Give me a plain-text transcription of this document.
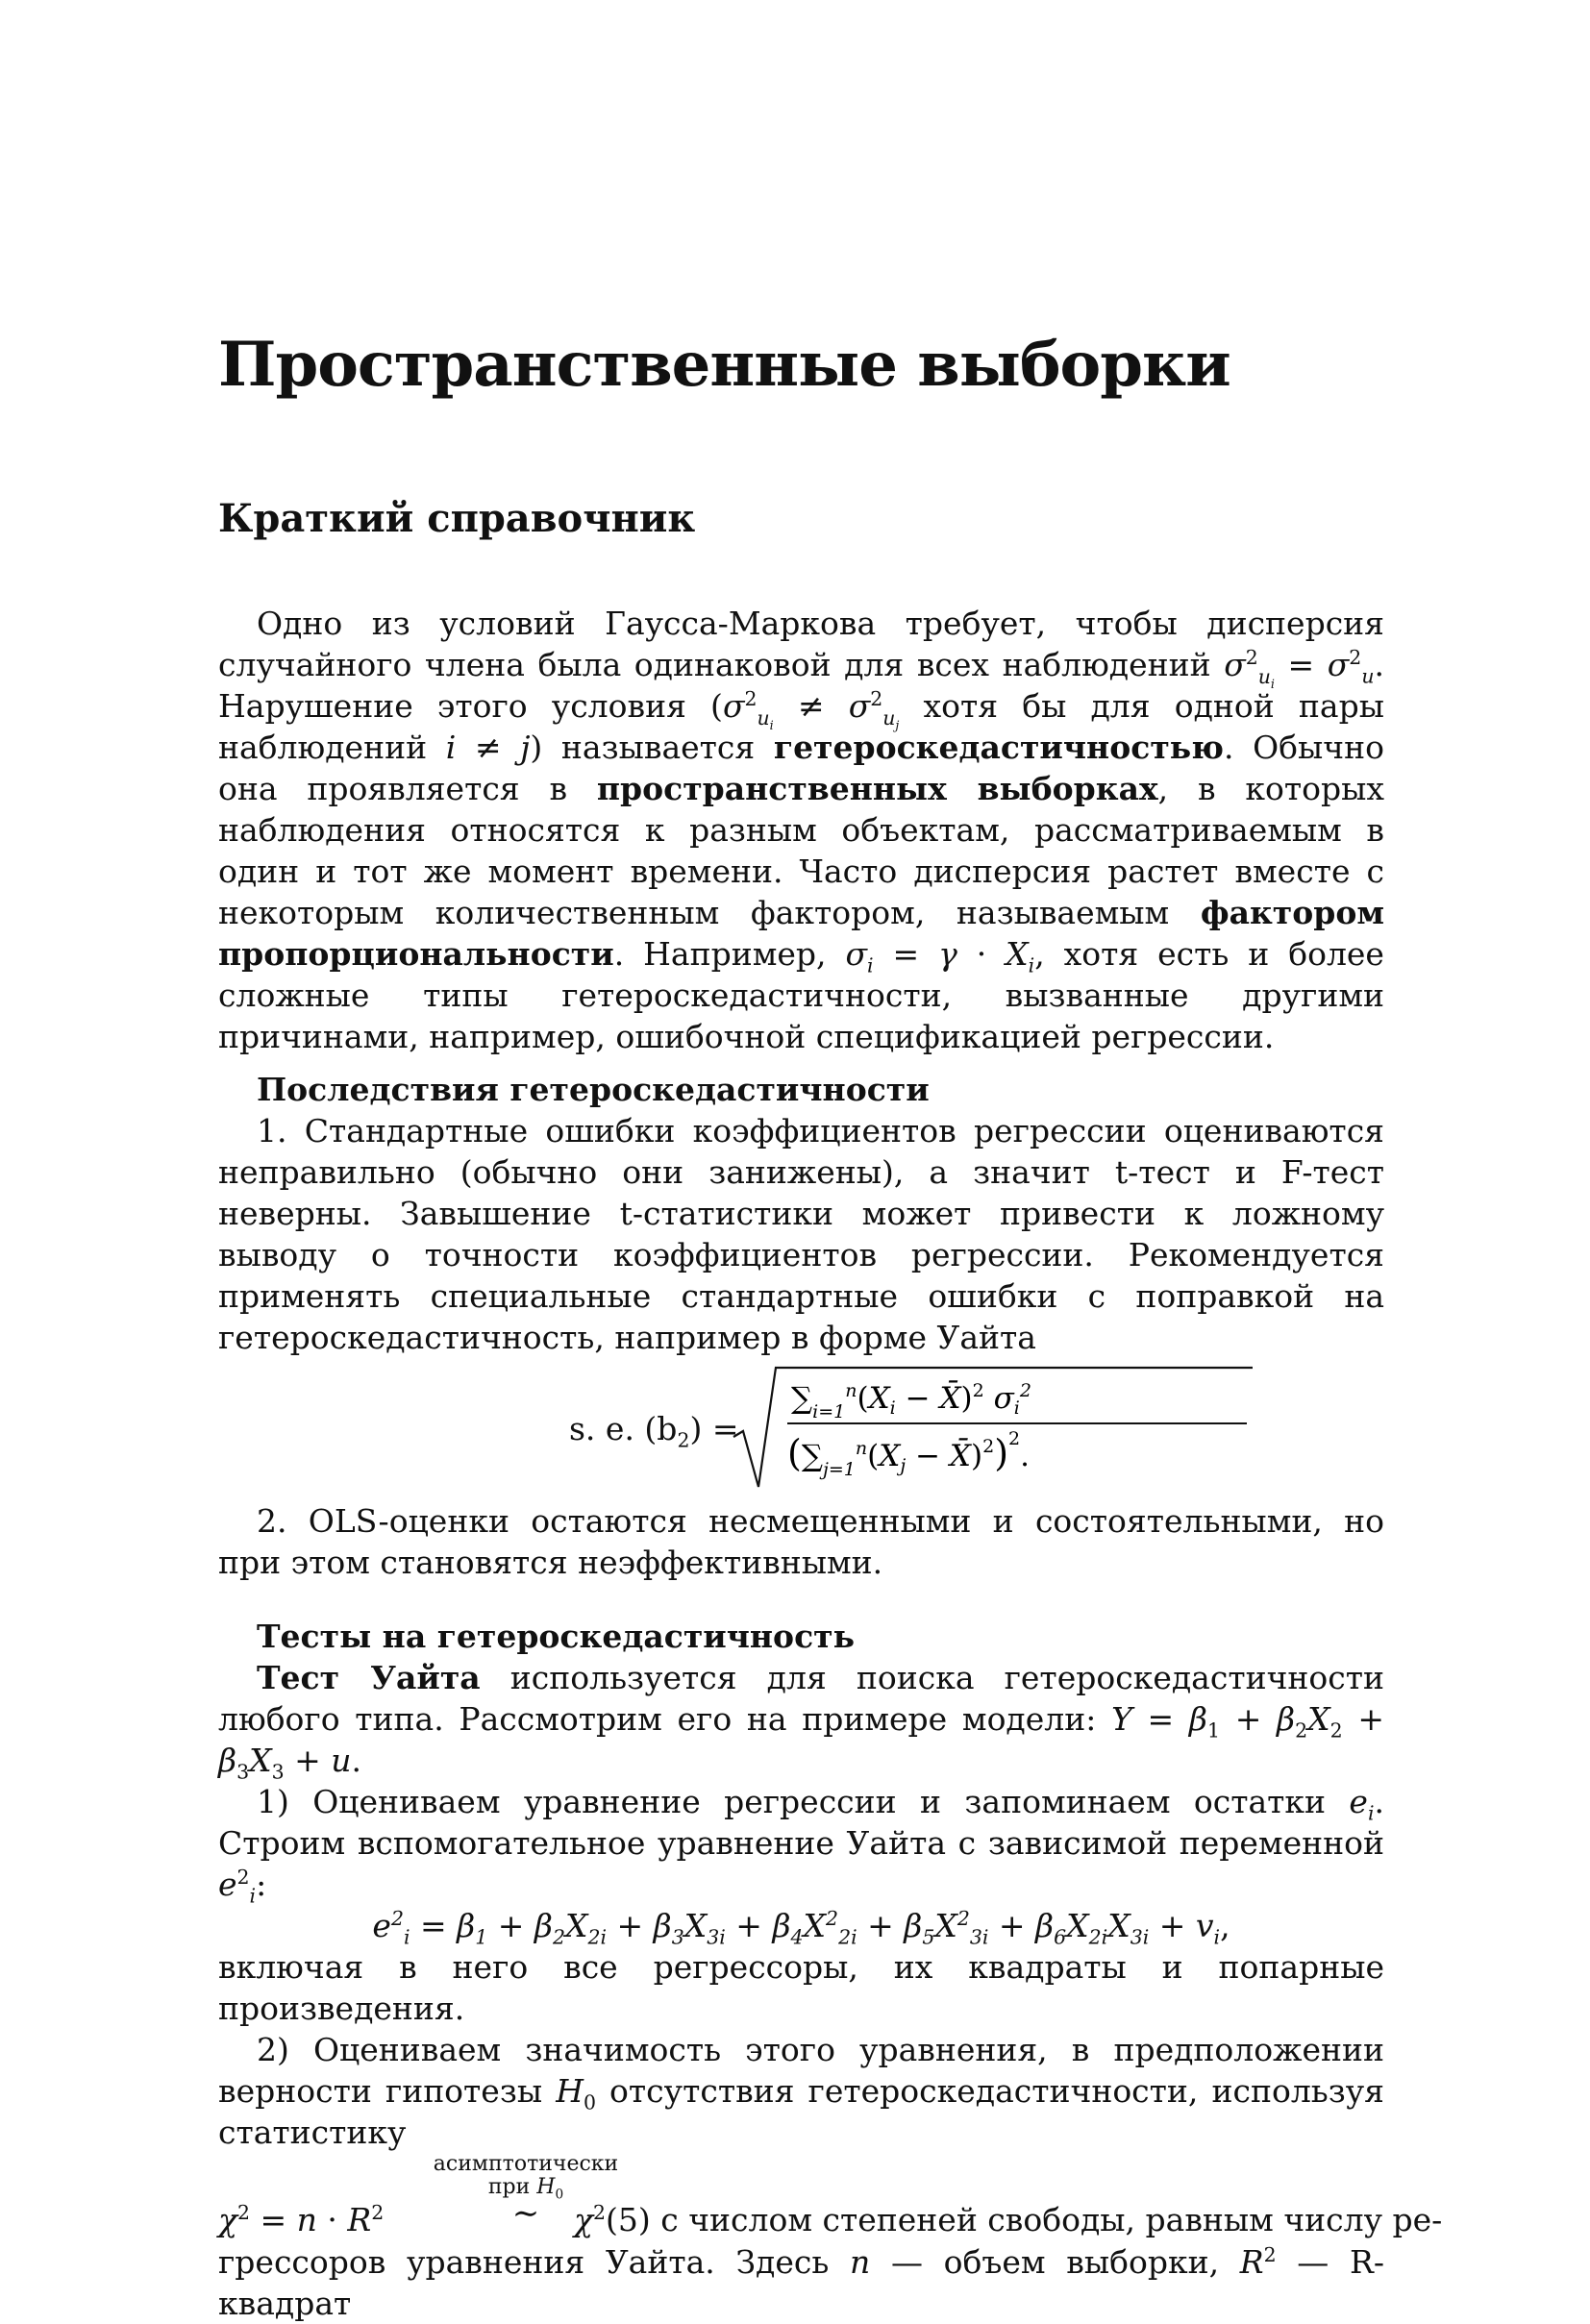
Пространственные выборки
Краткий справочник

Одно из условий Гаусса-Маркова требует, чтобы дисперсия случайного члена была одинаковой для всех наблюдений $\sigma^2_{u_i} = \sigma^2_u$. Нарушение этого условия ($\sigma^2_{u_i} \ne \sigma^2_{u_j}$ хотя бы для одной пары наблюдений i ≠ j) называется гетероскедастичностью. Обычно она проявляется в пространственных выборках, в которых наблюдения относятся к разным объектам, рассматриваемым в один и тот же момент времени. Часто дисперсия растет вместе с некоторым количественным фактором, называемым фактором пропорциональности. Например, $\sigma_i = \gamma \cdot X_i$, хотя есть и более сложные типы гетероскедастичности, вызванные другими причинами, например, ошибочной спецификацией регрессии.

Последствия гетероскедастичности

1. Стандартные ошибки коэффициентов регрессии оцениваются неправильно (обычно они занижены), а значит t-тест и F-тест неверны. Завышение t-статистики может привести к ложному выводу о точности коэффициентов регрессии. Рекомендуется применять специальные стандартные ошибки с поправкой на гетероскедастичность, например в форме Уайта

s. e. $(b_2)$ =
$\sum_{i=1}^n(Xi$ − X̄)$^2$ $\sigma i^2$
($\sum_{j=1}^n(Xj$ − X̄)$^2$)$^2$.

2. OLS-оценки остаются несмещенными и состоятельными, но при этом становятся неэффективными.

Тесты на гетероскедастичность

Тест Уайта используется для поиска гетероскедастичности любого типа. Рассмотрим его на примере модели: $Y = \beta_1 + \beta_2X_2 + \beta_3X_3 + u$.

1) Оцениваем уравнение регрессии и запоминаем остатки $e_i$. Строим вспомогательное уравнение Уайта с зависимой переменной $e^2_i$:

$e^2_i = \beta_1 + \beta_2X_{2i} + \beta_3X_{3i} + \beta_4X^2_{2i} + \beta_5X^2_{3i} + \beta_6X_{2i}X_{3i} + v_i$,

включая в него все регрессоры, их квадраты и попарные произведения.

2) Оцениваем значимость этого уравнения, в предположении верности гипотезы $H_0$ отсутствия гетероскедастичности, используя статистику

$\chi^2 = n \cdot R^2$
асимптотически
при $H_0$
∼	$\chi^2(5)$ с числом степеней свободы, равным числу ре-

грессоров уравнения Уайта. Здесь n — объем выборки, $R^2$ — R-квадрат
